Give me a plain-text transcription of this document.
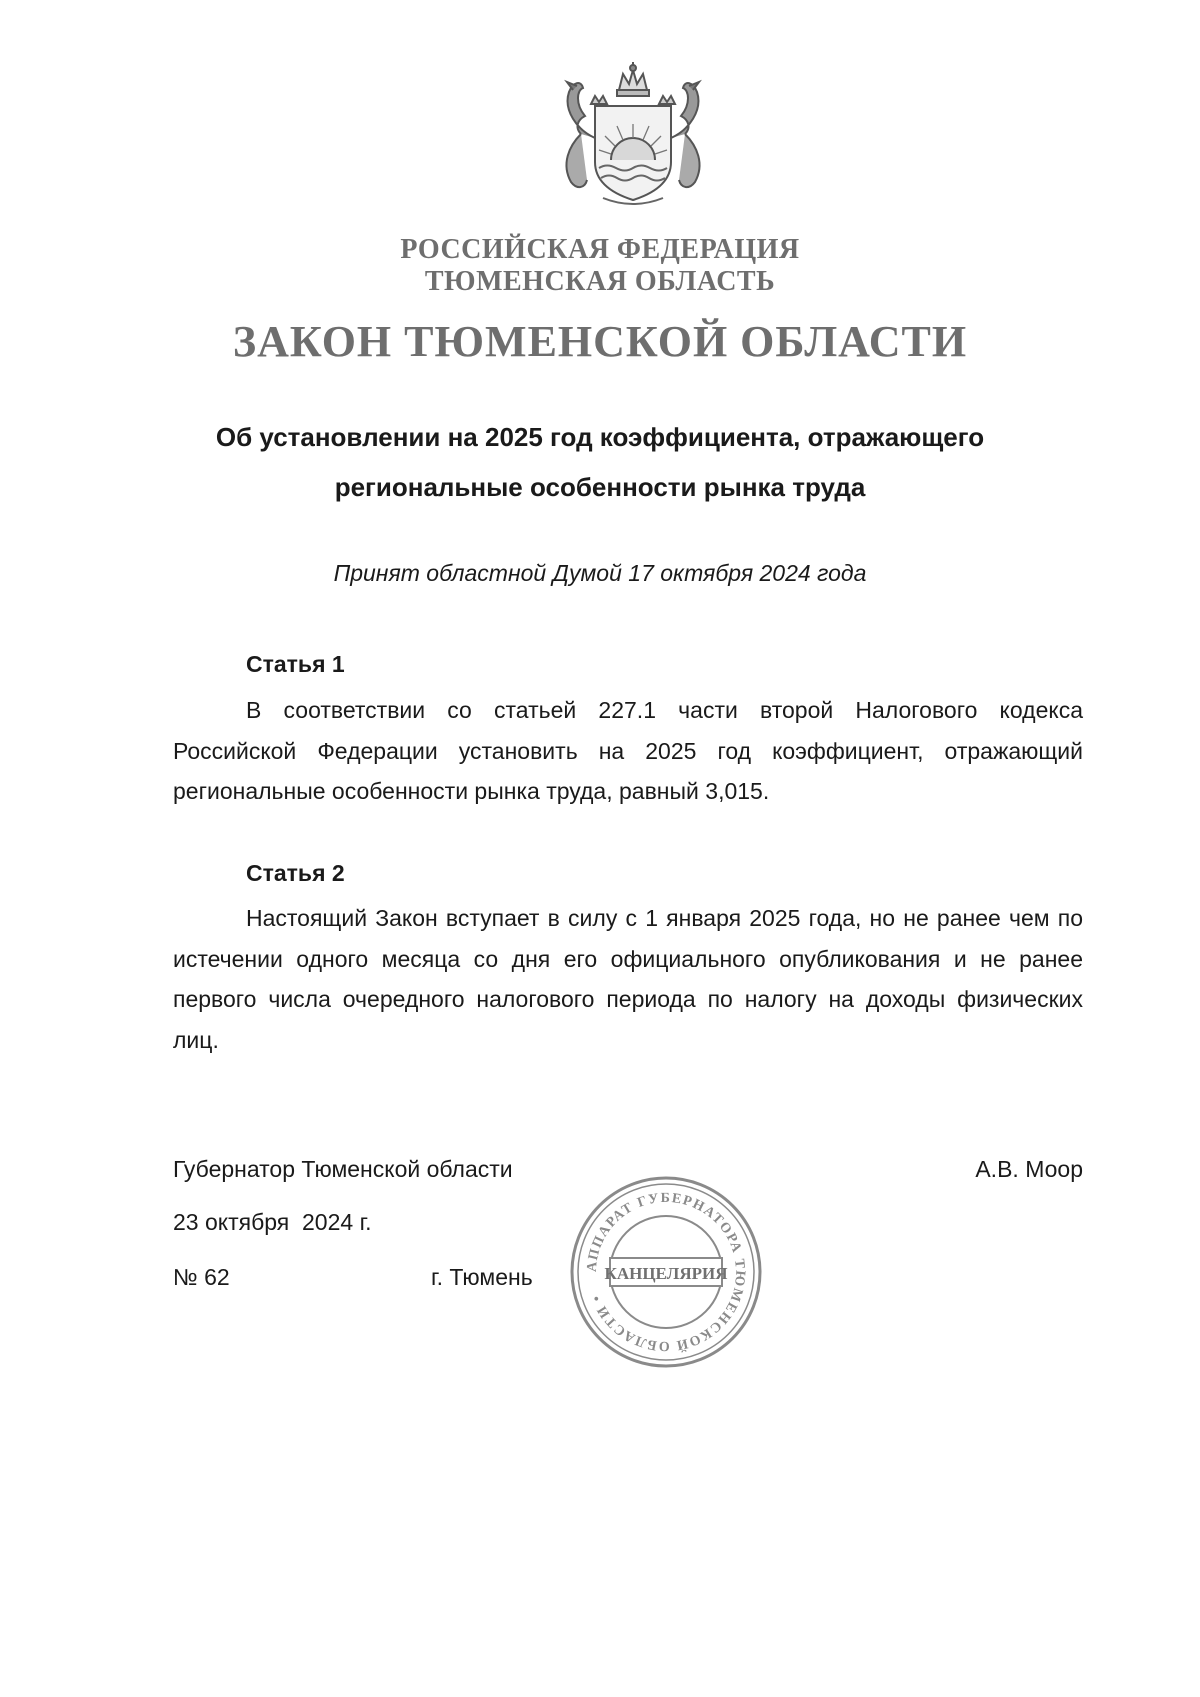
РОССИЙСКАЯ ФЕДЕРАЦИЯ
ТЮМЕНСКАЯ ОБЛАСТЬ
ЗАКОН ТЮМЕНСКОЙ ОБЛАСТИ
Об установлении на 2025 год коэффициента, отражающего региональные особенности рынка труда
Принят областной Думой 17 октября 2024 года
Статья 1

В соответствии со статьей 227.1 части второй Налогового кодекса Российской Федерации установить на 2025 год коэффициент, отражающий региональные особенности рынка труда, равный 3,015.

Статья 2

Настоящий Закон вступает в силу с 1 января 2025 года, но не ранее чем по истечении одного месяца со дня его официального опубликования и не ранее первого числа очередного налогового периода по налогу на доходы физических лиц.

Губернатор Тюменской области	А.В. Моор
23 октября  2024 г.
№ 62	г. Тюмень	АППАРАТ ГУБЕРНАТОРА ТЮМЕНСКОЙ ОБЛАСТИ •
КАНЦЕЛЯРИЯ
